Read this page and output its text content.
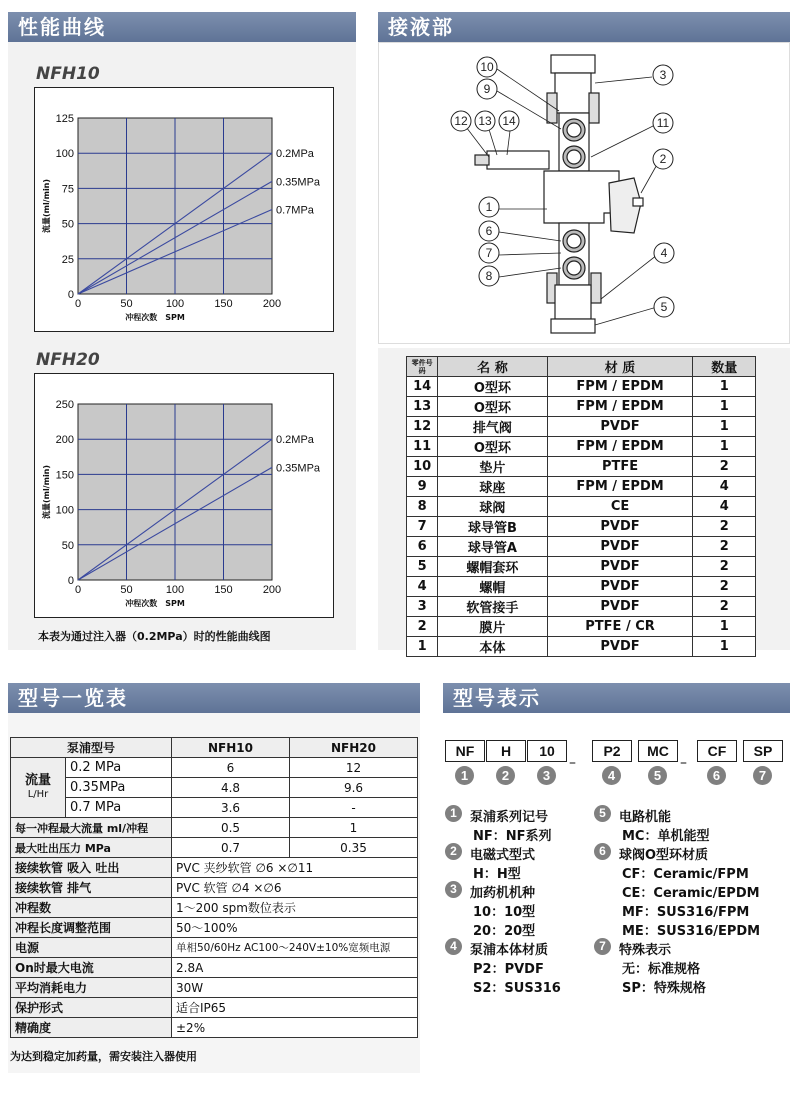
性能曲线
NFH10
0	50	100	150	200
0
25
50
75
100
125
0.2MPa
0.35MPa
0.7MPa
冲程次数　SPM
流量(ml/min)
NFH20
0	50	100	150	200
0
50
100
150
200
250
0.2MPa
0.35MPa
冲程次数　SPM
流量(ml/min)
本表为通过注入器（0.2MPa）时的性能曲线图
接液部
10
9
12 13 14	11
3
2
1
6
7
8
4
5
零件号码	名 称	材 质	数量
14	O型环	FPM / EPDM	1
13	O型环	FPM / EPDM	1
12	排气阀	PVDF	1
11	O型环	FPM / EPDM	1
10	垫片	PTFE	2
9	球座	FPM / EPDM	4
8	球阀	CE	4
7	球导管B	PVDF	2
6	球导管A	PVDF	2
5	螺帽套环	PVDF	2
4	螺帽	PVDF	2
3	软管接手	PVDF	2
2	膜片	PTFE / CR	1
1	本体	PVDF	1
型号一览表
泵浦型号		NFH10	NFH20

流量
L/Hr	0.2 MPa	6	12
	0.35MPa	4.8	9.6
	0.7 MPa	3.6	-
每一冲程最大流量 ml/冲程		0.5	1
最大吐出压力 MPa		0.7	0.35
接续软管 吸入 吐出		PVC 夹纱软管 ∅6 ×∅11	
接续软管 排气		PVC 软管 ∅4 ×∅6	
冲程数		1～200 spm数位表示	
冲程长度调整范围		50～100%	
电源		单相50/60Hz AC100～240V±10%宽频电源	
On时最大电流		2.8A	
平均消耗电力		30W	
保护形式		适合IP65	
精确度		±2%	
为达到稳定加药量，需安装注入器使用
型号表示
NF
1
H
2
10
3
P2
4
MC
5
CF
6
SP
7
–	–
1	泵浦系列记号
NF：NF系列
2	电磁式型式
H：H型
3	加药机机种
10：10型
20：20型
4	泵浦本体材质
P2：PVDF
S2：SUS316
5	电路机能
MC：单机能型
6	球阀O型环材质
CF：Ceramic/FPM
CE：Ceramic/EPDM
MF：SUS316/FPM
ME：SUS316/EPDM
7	特殊表示
无：标准规格
SP：特殊规格
